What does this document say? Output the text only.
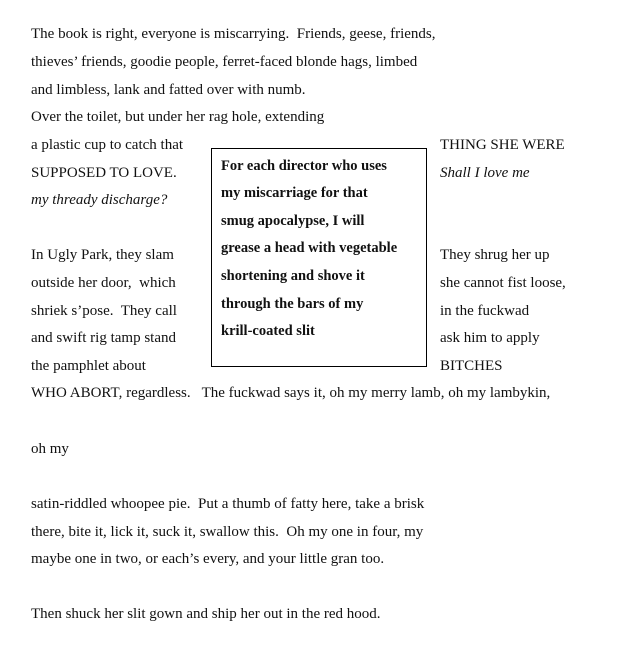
The book is right, everyone is miscarrying.  Friends, geese, friends,
thieves’ friends, goodie people, ferret-faced blonde hags, limbed
and limbless, lank and fatted over with numb.
Over the toilet, but under her rag hole, extending
a plastic cup to catch that	THING SHE WERE
SUPPOSED TO LOVE.	Shall I love me
my thready discharge?
In Ugly Park, they slam	They shrug her up
outside her door,  which	she cannot fist loose,
shriek s’pose.  They call	in the fuckwad
and swift rig tamp stand	ask him to apply
the pamphlet about	BITCHES
For each director who uses
my miscarriage for that
smug apocalypse, I will
grease a head with vegetable
shortening and shove it
through the bars of my
krill-coated slit
WHO ABORT, regardless.   The fuckwad says it, oh my merry lamb, oh my lambykin,
oh my
satin-riddled whoopee pie.  Put a thumb of fatty here, take a brisk
there, bite it, lick it, suck it, swallow this.  Oh my one in four, my
maybe one in two, or each’s every, and your little gran too.
Then shuck her slit gown and ship her out in the red hood.
